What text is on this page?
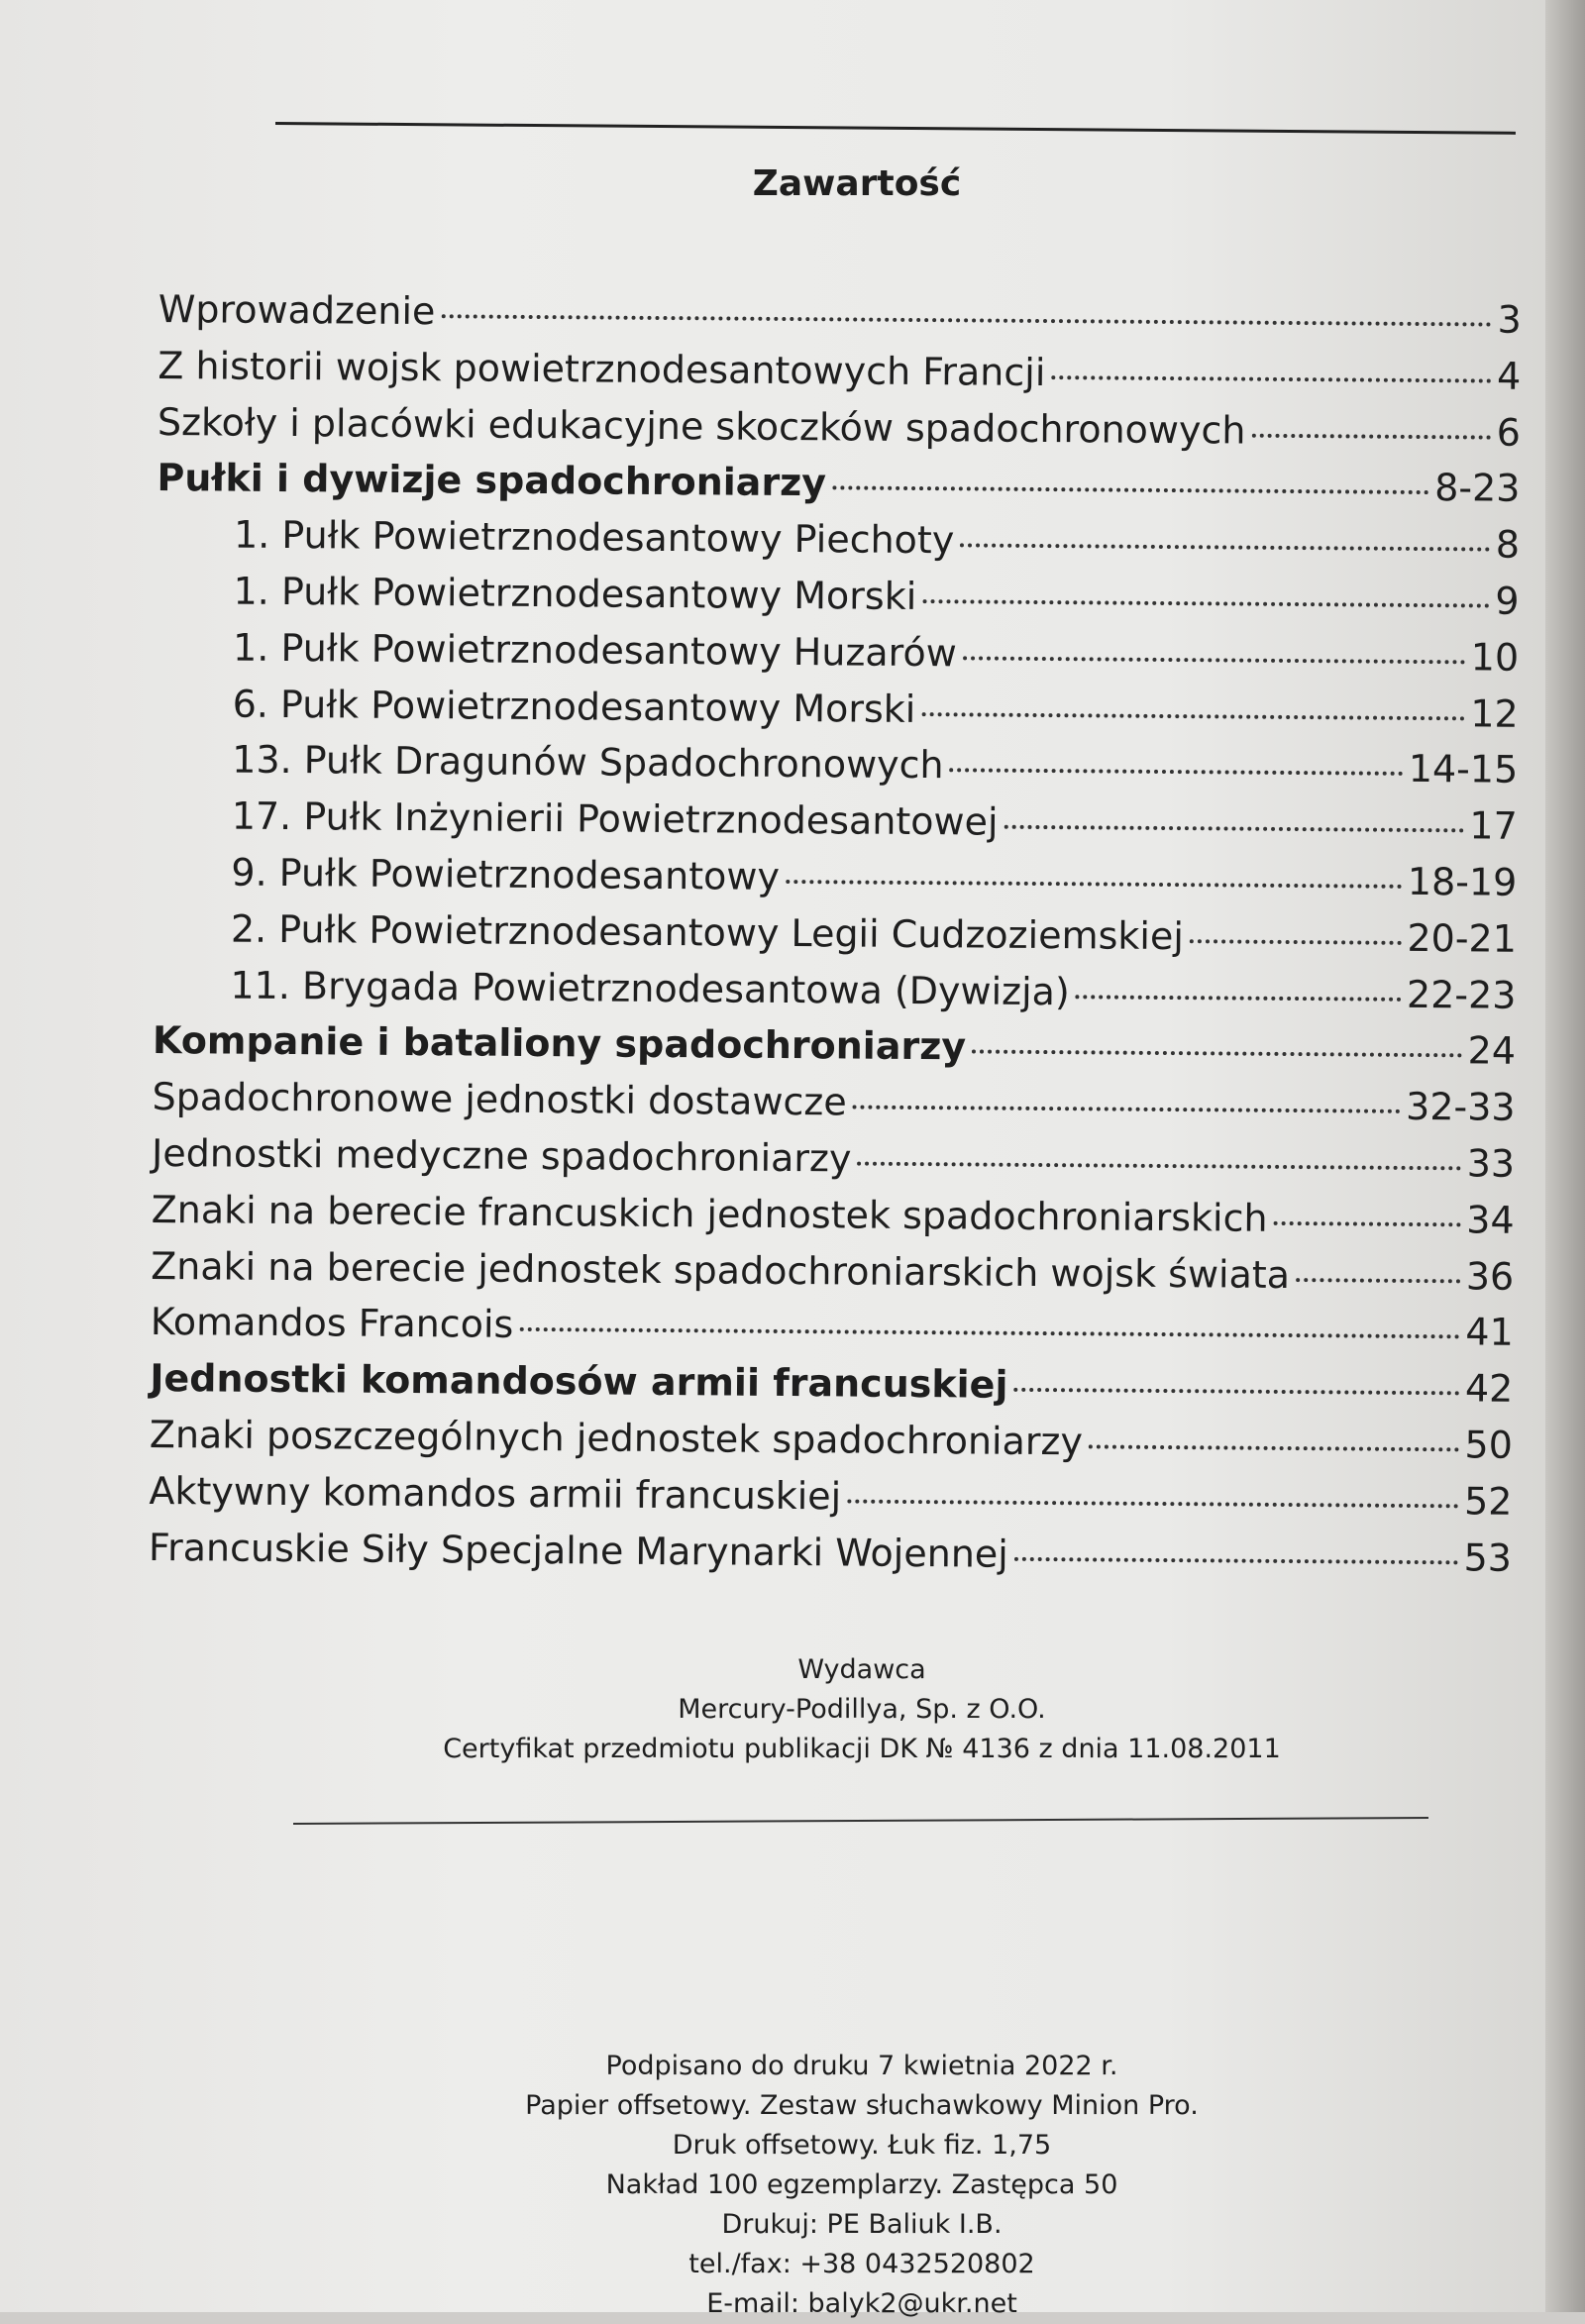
Zawartość
Wprowadzenie	3
Z historii wojsk powietrznodesantowych Francji	4
Szkoły i placówki edukacyjne skoczków spadochronowych	6
Pułki i dywizje spadochroniarzy	8-23
1. Pułk Powietrznodesantowy Piechoty	8
1. Pułk Powietrznodesantowy Morski	9
1. Pułk Powietrznodesantowy Huzarów	10
6. Pułk Powietrznodesantowy Morski	12
13. Pułk Dragunów Spadochronowych	14-15
17. Pułk Inżynierii Powietrznodesantowej	17
9. Pułk Powietrznodesantowy	18-19
2. Pułk Powietrznodesantowy Legii Cudzoziemskiej	20-21
11. Brygada Powietrznodesantowa (Dywizja)	22-23
Kompanie i bataliony spadochroniarzy	24
Spadochronowe jednostki dostawcze	32-33
Jednostki medyczne spadochroniarzy	33
Znaki na berecie francuskich jednostek spadochroniarskich	34
Znaki na berecie jednostek spadochroniarskich wojsk świata	36
Komandos Francois	41
Jednostki komandosów armii francuskiej	42
Znaki poszczególnych jednostek spadochroniarzy	50
Aktywny komandos armii francuskiej	52
Francuskie Siły Specjalne Marynarki Wojennej	53
Wydawca
Mercury-Podillya, Sp. z O.O.
Certyfikat przedmiotu publikacji DK № 4136 z dnia 11.08.2011
Podpisano do druku 7 kwietnia 2022 r.
Papier offsetowy. Zestaw słuchawkowy Minion Pro.
Druk offsetowy. Łuk fiz. 1,75
Nakład 100 egzemplarzy. Zastępca 50
Drukuj: PE Baliuk I.B.
tel./fax: +38 0432520802
E-mail: balyk2@ukr.net
